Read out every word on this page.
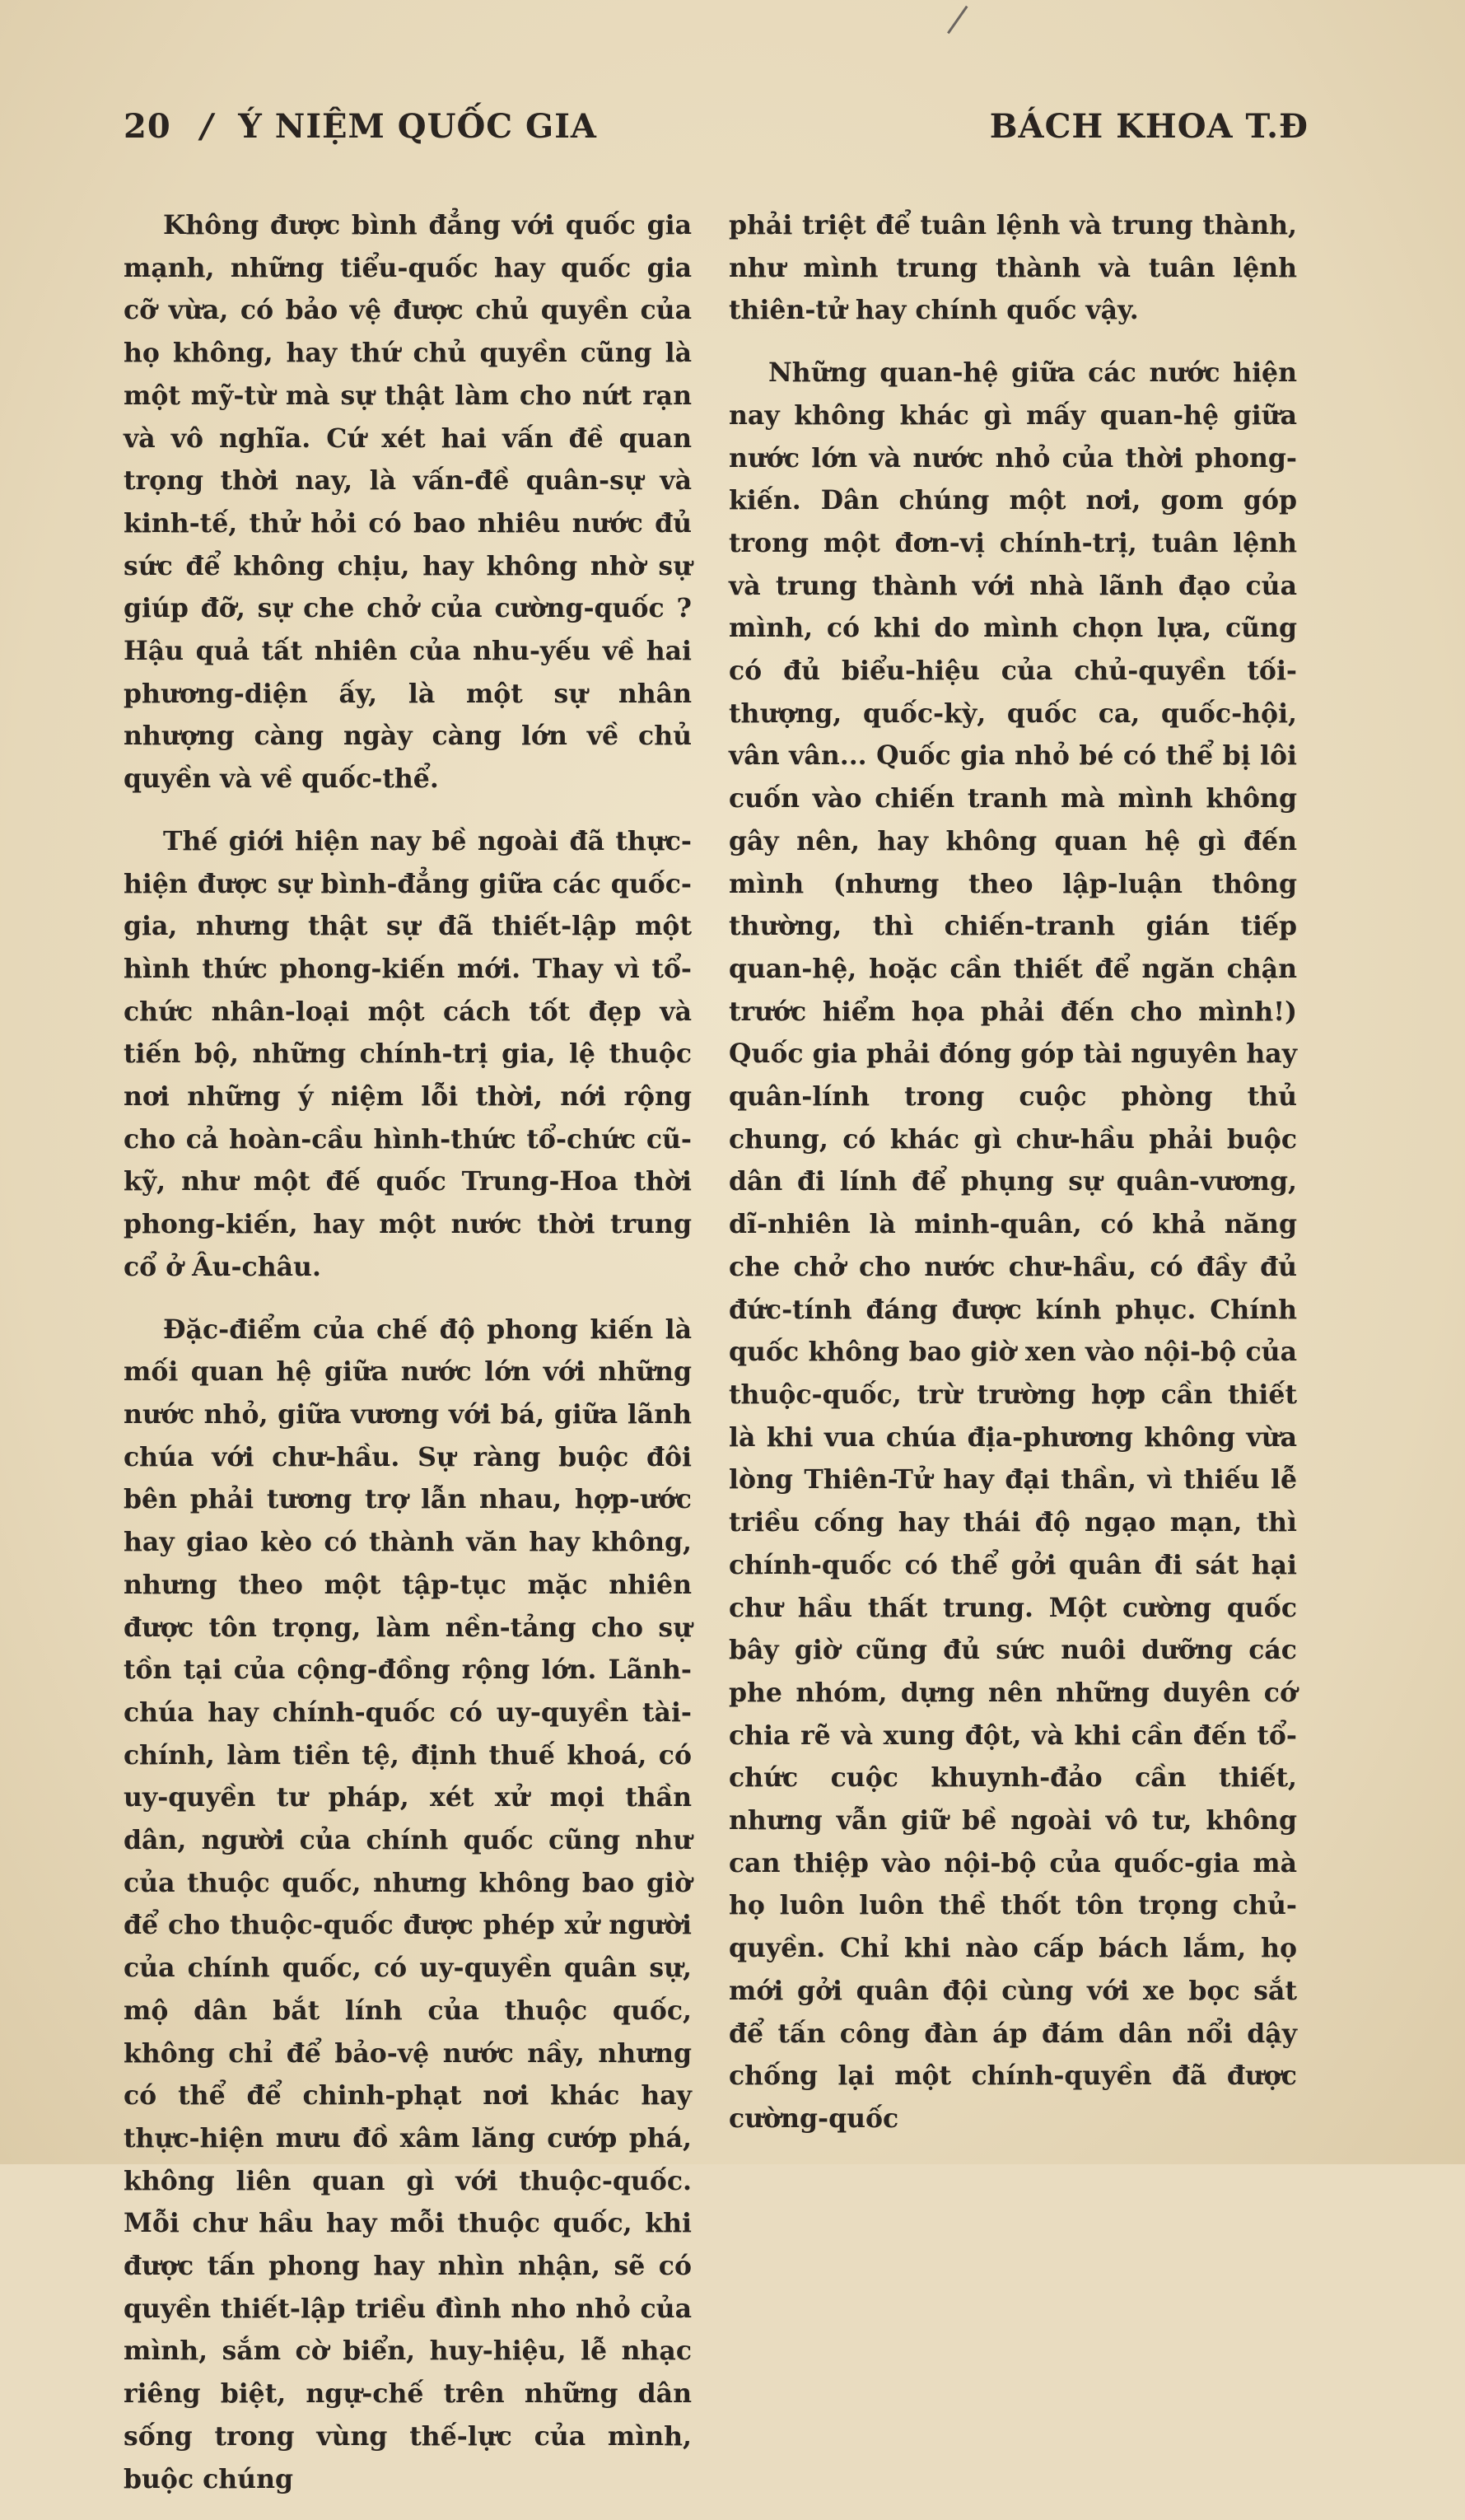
20 / Ý NIỆM QUỐC GIA	BÁCH KHOA T.Đ

Không được bình đẳng với quốc gia mạnh, những tiểu-quốc hay quốc gia cỡ vừa, có bảo vệ được chủ quyền của họ không, hay thứ chủ quyền cũng là một mỹ-từ mà sự thật làm cho nứt rạn và vô nghĩa. Cứ xét hai vấn đề quan trọng thời nay, là vấn-đề quân-sự và kinh-tế, thử hỏi có bao nhiêu nước đủ sức để không chịu, hay không nhờ sự giúp đỡ, sự che chở của cường-quốc ? Hậu quả tất nhiên của nhu-yếu về hai phương-diện ấy, là một sự nhân nhượng càng ngày càng lớn về chủ quyền và về quốc-thể.

Thế giới hiện nay bề ngoài đã thực-hiện được sự bình-đẳng giữa các quốc-gia, nhưng thật sự đã thiết-lập một hình thức phong-kiến mới. Thay vì tổ-chức nhân-loại một cách tốt đẹp và tiến bộ, những chính-trị gia, lệ thuộc nơi những ý niệm lỗi thời, nới rộng cho cả hoàn-cầu hình-thức tổ-chức cũ-kỹ, như một đế quốc Trung-Hoa thời phong-kiến, hay một nước thời trung cổ ở Âu-châu.

Đặc-điểm của chế độ phong kiến là mối quan hệ giữa nước lớn với những nước nhỏ, giữa vương với bá, giữa lãnh chúa với chư-hầu. Sự ràng buộc đôi bên phải tương trợ lẫn nhau, hợp-ước hay giao kèo có thành văn hay không, nhưng theo một tập-tục mặc nhiên được tôn trọng, làm nền-tảng cho sự tồn tại của cộng-đồng rộng lớn. Lãnh-chúa hay chính-quốc có uy-quyền tài-chính, làm tiền tệ, định thuế khoá, có uy-quyền tư pháp, xét xử mọi thần dân, người của chính quốc cũng như của thuộc quốc, nhưng không bao giờ để cho thuộc-quốc được phép xử người của chính quốc, có uy-quyền quân sự, mộ dân bắt lính của thuộc quốc, không chỉ để bảo-vệ nước nầy, nhưng có thể để chinh-phạt nơi khác hay thực-hiện mưu đồ xâm lăng cướp phá, không liên quan gì với thuộc-quốc. Mỗi chư hầu hay mỗi thuộc quốc, khi được tấn phong hay nhìn nhận, sẽ có quyền thiết-lập triều đình nho nhỏ của mình, sắm cờ biển, huy-hiệu, lễ nhạc riêng biệt, ngự-chế trên những dân sống trong vùng thế-lực của mình, buộc chúng

phải triệt để tuân lệnh và trung thành, như mình trung thành và tuân lệnh thiên-tử hay chính quốc vậy.

Những quan-hệ giữa các nước hiện nay không khác gì mấy quan-hệ giữa nước lớn và nước nhỏ của thời phong-kiến. Dân chúng một nơi, gom góp trong một đơn-vị chính-trị, tuân lệnh và trung thành với nhà lãnh đạo của mình, có khi do mình chọn lựa, cũng có đủ biểu-hiệu của chủ-quyền tối-thượng, quốc-kỳ, quốc ca, quốc-hội, vân vân... Quốc gia nhỏ bé có thể bị lôi cuốn vào chiến tranh mà mình không gây nên, hay không quan hệ gì đến mình (nhưng theo lập-luận thông thường, thì chiến-tranh gián tiếp quan-hệ, hoặc cần thiết để ngăn chận trước hiểm họa phải đến cho mình!) Quốc gia phải đóng góp tài nguyên hay quân-lính trong cuộc phòng thủ chung, có khác gì chư-hầu phải buộc dân đi lính để phụng sự quân-vương, dĩ-nhiên là minh-quân, có khả năng che chở cho nước chư-hầu, có đầy đủ đức-tính đáng được kính phục. Chính quốc không bao giờ xen vào nội-bộ của thuộc-quốc, trừ trường hợp cần thiết là khi vua chúa địa-phương không vừa lòng Thiên-Tử hay đại thần, vì thiếu lễ triều cống hay thái độ ngạo mạn, thì chính-quốc có thể gởi quân đi sát hại chư hầu thất trung. Một cường quốc bây giờ cũng đủ sức nuôi dưỡng các phe nhóm, dựng nên những duyên cớ chia rẽ và xung đột, và khi cần đến tổ-chức cuộc khuynh-đảo cần thiết, nhưng vẫn giữ bề ngoài vô tư, không can thiệp vào nội-bộ của quốc-gia mà họ luôn luôn thề thốt tôn trọng chủ-quyền. Chỉ khi nào cấp bách lắm, họ mới gởi quân đội cùng với xe bọc sắt để tấn công đàn áp đám dân nổi dậy chống lại một chính-quyền đã được cường-quốc
